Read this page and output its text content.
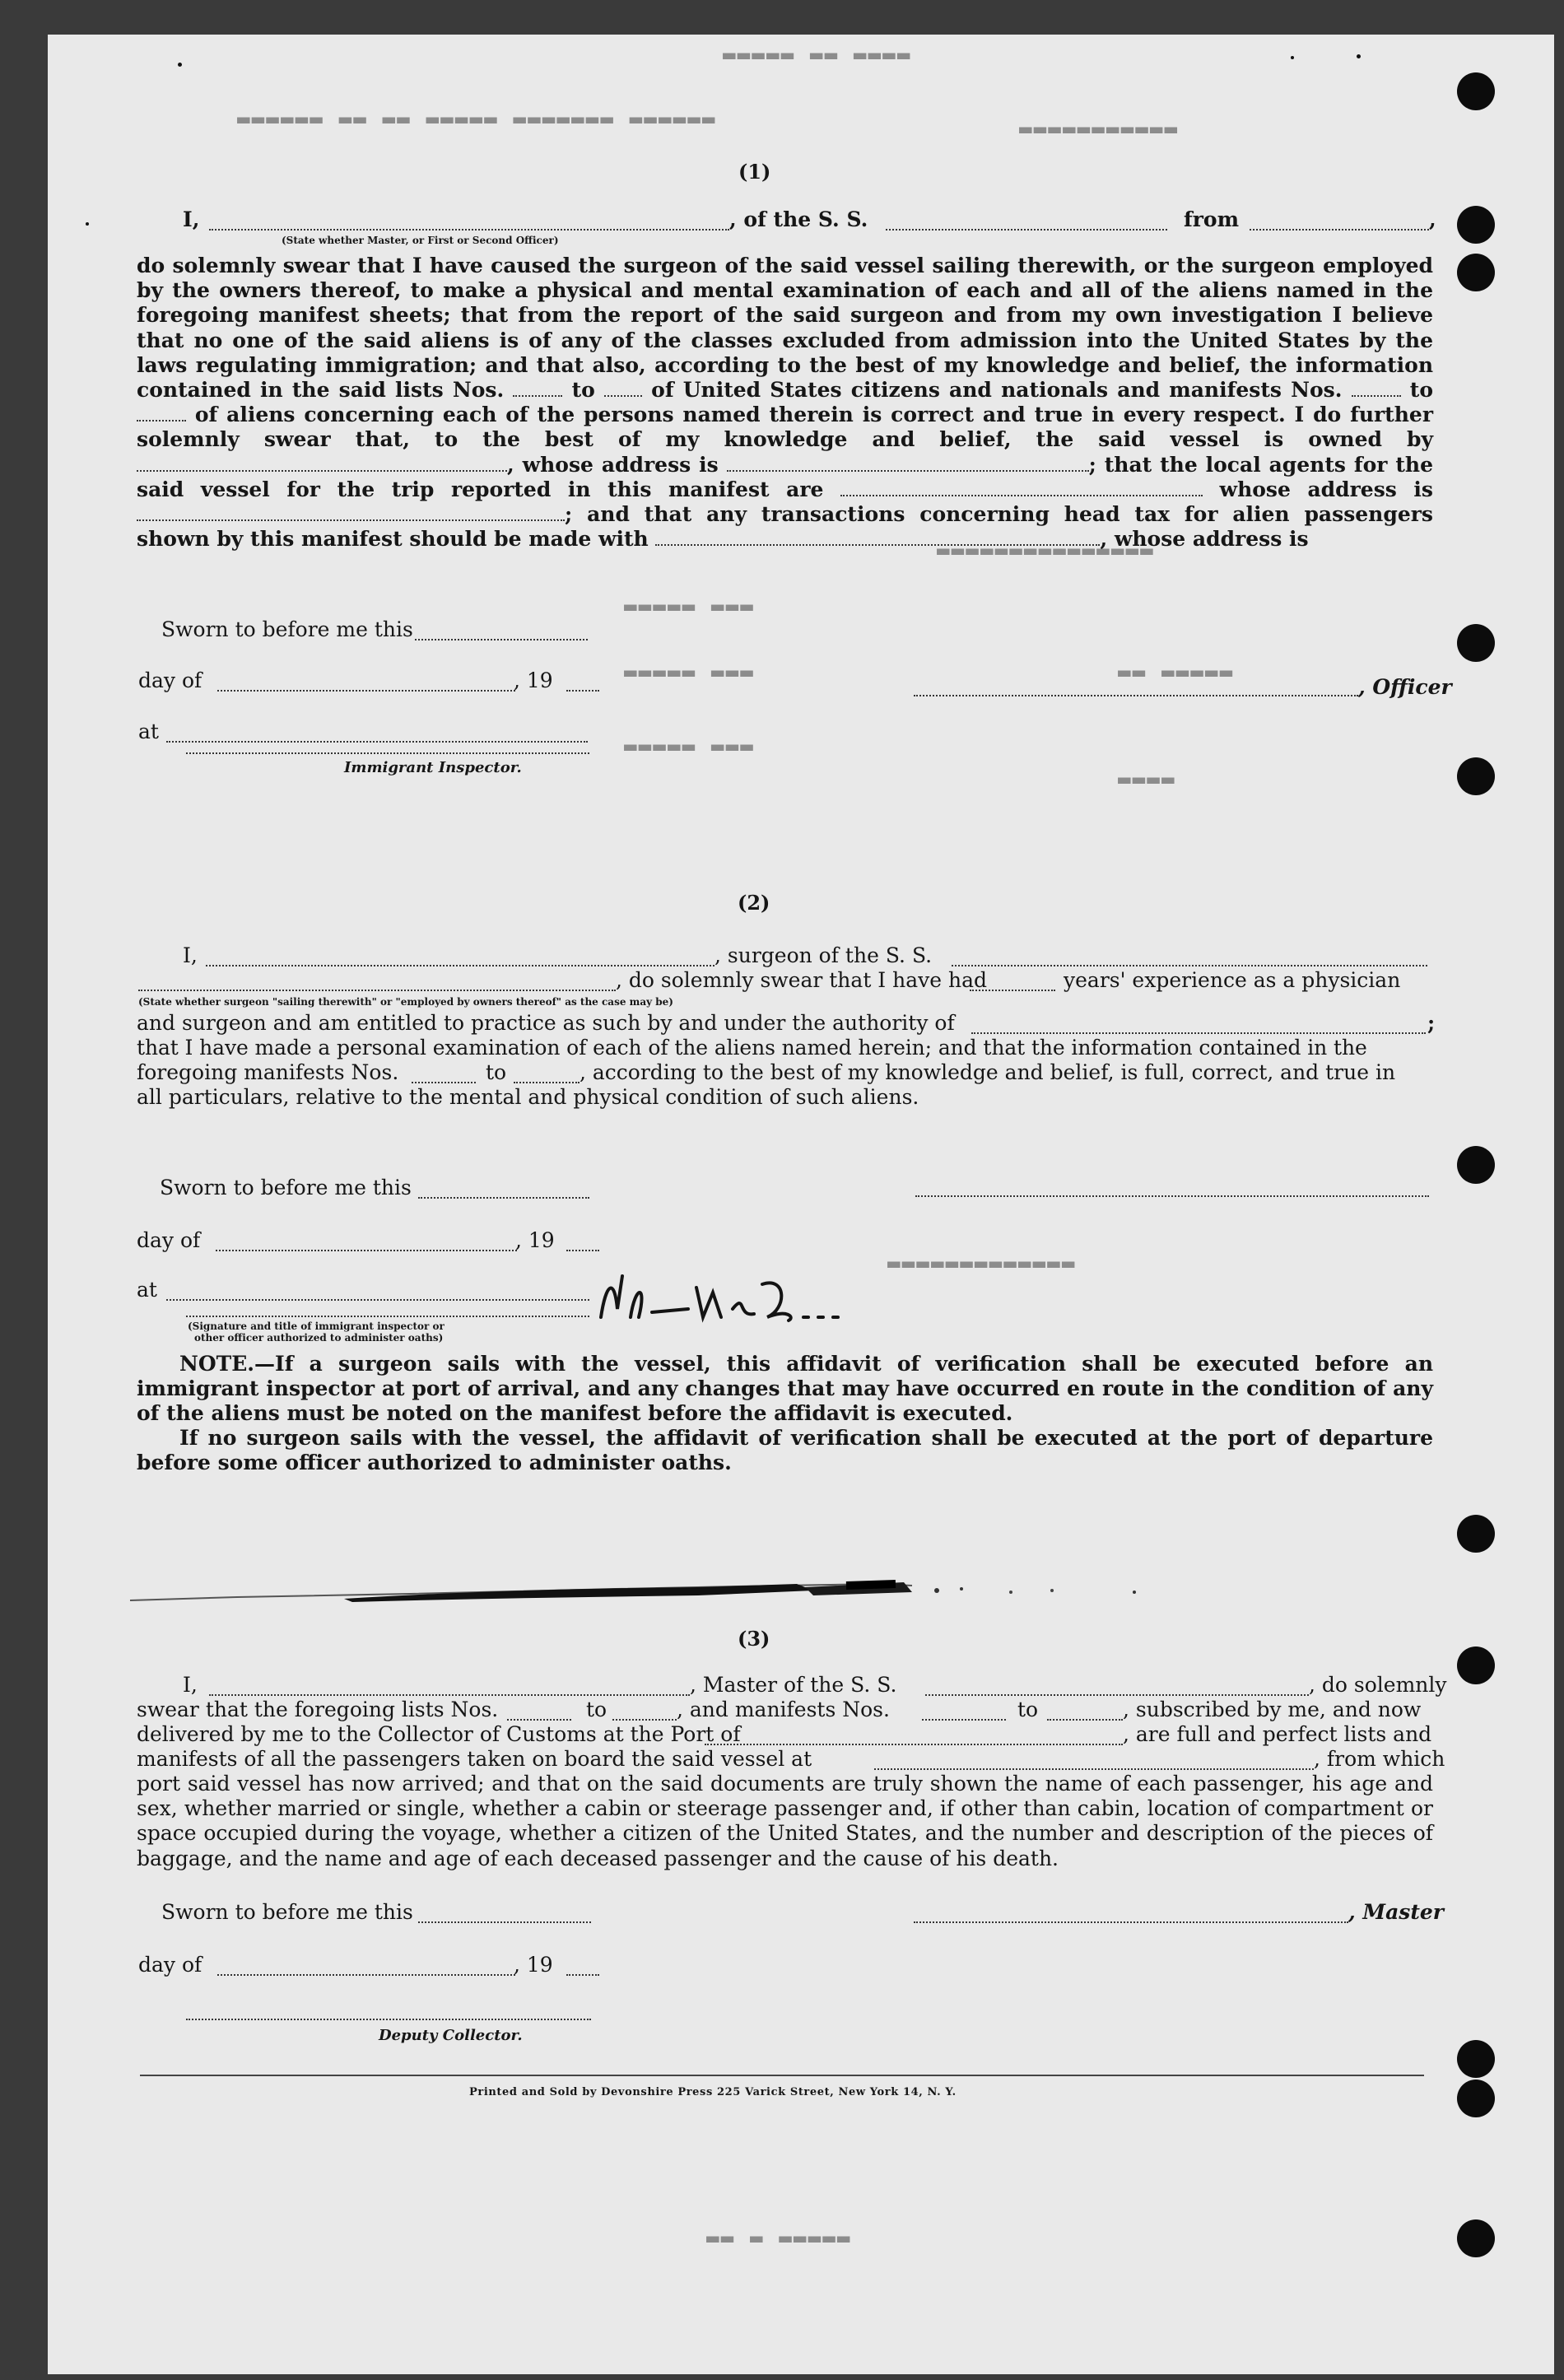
▬▬▬▬▬ ▬▬ ▬▬▬▬
▬▬▬▬▬▬ ▬▬ ▬▬ ▬▬▬▬▬ ▬▬▬▬▬▬▬ ▬▬▬▬▬▬	▬▬▬▬▬▬▬▬▬▬▬
▬▬▬▬▬▬▬▬▬▬▬▬▬▬▬
▬▬▬▬▬ ▬▬▬
▬▬▬▬▬ ▬▬▬	▬▬ ▬▬▬▬▬
▬▬▬▬▬ ▬▬▬
▬▬▬▬
▬▬▬▬▬▬▬▬▬▬▬▬▬
▬▬ ▬ ▬▬▬▬▬
(1)
I,
(State whether Master, or First or Second Officer)
, of the S. S.	from	,
do solemnly swear that I have caused the surgeon of the said vessel sailing therewith, or the surgeon employed by the owners thereof, to make a physical and mental examination of each and all of the aliens named in the foregoing manifest sheets; that from the report of the said surgeon and from my own investigation I believe that no one of the said aliens is of any of the classes excluded from admission into the United States by the laws regulating immigration; and that also, according to the best of my knowledge and belief, the information contained in the said lists Nos.	to	of United States citizens and nationals and manifests Nos.	to  of aliens concerning each of the persons named therein is correct and true in every respect. I do further solemnly swear that, to the best of my knowledge and belief, the said vessel is owned by , whose address is	; that the local agents for the said vessel for the trip reported in this manifest are	whose address is ; and that any transactions concerning head tax for alien passengers shown by this manifest should be made with	, whose address is
Sworn to before me this
day of	, 19
at
, Officer
Immigrant Inspector.
(2)
I,	, surgeon of the S. S.
(State whether surgeon "sailing therewith" or "employed by owners thereof" as the case may be)
, do solemnly swear that I have had	years' experience as a physician
and surgeon and am entitled to practice as such by and under the authority of	;
that I have made a personal examination of each of the aliens named herein; and that the information contained in the
foregoing manifests Nos.	to	, according to the best of my knowledge and belief, is full, correct, and true in
all particulars, relative to the mental and physical condition of such aliens.
Sworn to before me this
day of	, 19
at
(Signature and title of immigrant inspector or
other officer authorized to administer oaths)
NOTE.—If a surgeon sails with the vessel, this affidavit of verification shall be executed before an immigrant inspector at port of arrival, and any changes that may have occurred en route in the condition of any of the aliens must be noted on the manifest before the affidavit is executed.
If no surgeon sails with the vessel, the affidavit of verification shall be executed at the port of departure before some officer authorized to administer oaths.
(3)
I,	, Master of the S. S.	, do solemnly
swear that the foregoing lists Nos.	to	, and manifests Nos.	to	, subscribed by me, and now
delivered by me to the Collector of Customs at the Port of	, are full and perfect lists and
manifests of all the passengers taken on board the said vessel at	, from which
port said vessel has now arrived; and that on the said documents are truly shown the name of each passenger, his age and sex, whether married or single, whether a cabin or steerage passenger and, if other than cabin, location of compartment or space occupied during the voyage, whether a citizen of the United States, and the number and description of the pieces of baggage, and the name and age of each deceased passenger and the cause of his death.
Sworn to before me this	, Master
day of	, 19
Deputy Collector.
Printed and Sold by Devonshire Press 225 Varick Street, New York 14, N. Y.
